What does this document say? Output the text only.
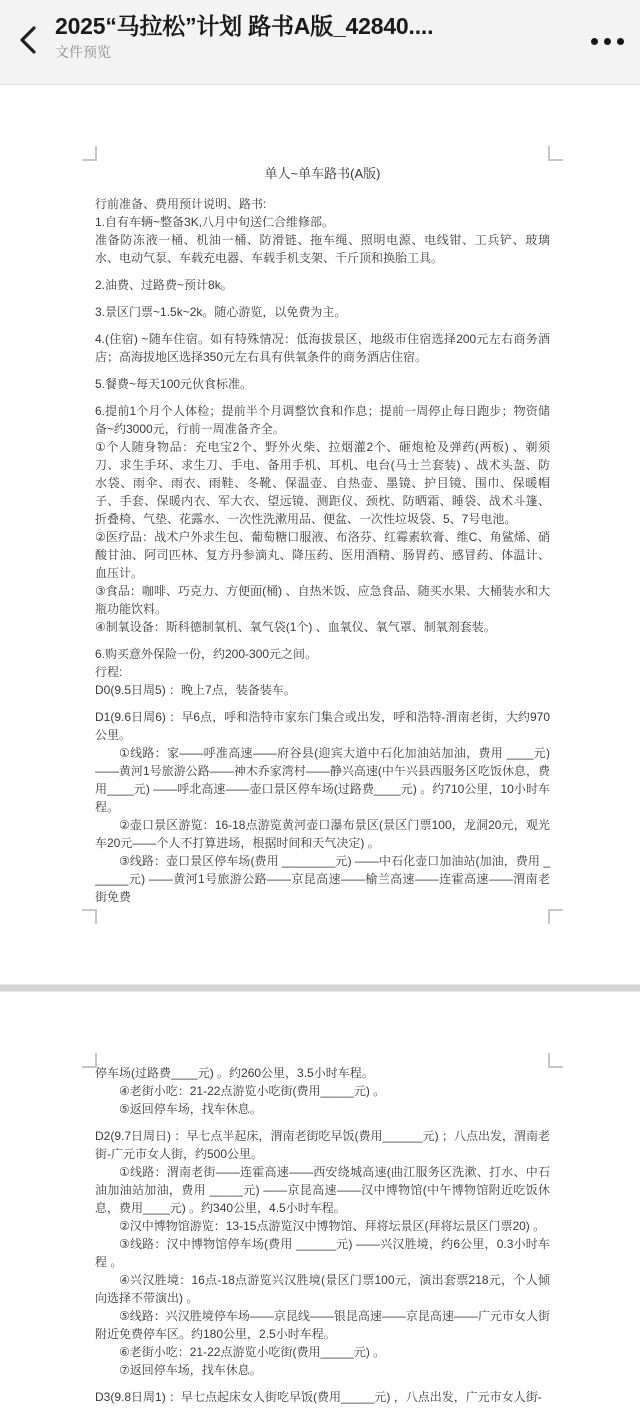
2025“马拉松”计划 路书A版_42840....
文件预览

单人~单车路书(A版)

行前准备、费用预计说明、路书:

1.自有车辆~整备3K,八月中旬送仁合维修部。

准备防冻液一桶、机油一桶、防滑链、拖车绳、照明电源、电线钳、工兵铲、玻璃水、电动气泵、车载充电器、车载手机支架、千斤顶和换胎工具。

2.油费、过路费~预计8k。

3.景区门票~1.5k~2k。随心游览，以免费为主。

4.(住宿) ~随车住宿。如有特殊情况：低海拔景区，地级市住宿选择200元左右商务酒店；高海拔地区选择350元左右具有供氧条件的商务酒店住宿。

5.餐费~每天100元伙食标准。

6.提前1个月个人体检；提前半个月调整饮食和作息；提前一周停止每日跑步；物资储备~约3000元，行前一周准备齐全。

①个人随身物品：充电宝2个、野外火柴、拉烟灌2个、砸炮枪及弹药(两板) 、剃须刀、求生手环、求生刀、手电、备用手机、耳机、电台(马士兰套装) 、战术头盔、防水袋、雨伞、雨衣、雨鞋、冬靴、保温壶、自热壶、墨镜、护目镜、围巾、保暖帽子、手套、保暖内衣、军大衣、望远镜、测距仪、颈枕、防晒霜、睡袋、战术斗篷、折叠椅、气垫、花露水、一次性洗漱用品、便盆、一次性垃圾袋、5、7号电池。

②医疗品：战术户外求生包、葡萄糖口服液、布洛芬、红霉素软膏、维C、角鲨烯、硝酸甘油、阿司匹林、复方丹参滴丸、降压药、医用酒精、肠胃药、感冒药、体温计、血压计。

③食品：咖啡、巧克力、方便面(桶) 、自热米饭、应急食品、随买水果、大桶装水和大瓶功能饮料。

④制氧设备：斯科德制氧机、氧气袋(1个) 、血氧仪、氧气罩、制氧剂套装。

6.购买意外保险一份，约200-300元之间。

行程:

D0(9.5日周5) ：晚上7点，装备装车。

D1(9.6日周6) ：早6点，呼和浩特市家东门集合或出发，呼和浩特-渭南老街，大约970公里。

①线路：家——呼准高速——府谷县(迎宾大道中石化加油站加油，费用 ____元) ——黄河1号旅游公路——神木乔家湾村——静兴高速(中午兴县西服务区吃饭休息，费用____元) ——呼北高速——壶口景区停车场(过路费____元) 。约710公里，10小时车程。

②壶口景区游览：16-18点游览黄河壶口瀑布景区(景区门票100，龙洞20元，观光车20元——个人不打算进场，根据时间和天气决定) 。

③线路：壶口景区停车场(费用 ________元) ——中石化壶口加油站(加油，费用 ______元) ——黄河1号旅游公路——京昆高速——榆兰高速——连霍高速——渭南老街免费

停车场(过路费____元) 。约260公里，3.5小时车程。

④老街小吃：21-22点游览小吃街(费用_____元) 。

⑤返回停车场，找车休息。

D2(9.7日周日) ：早七点半起床，渭南老街吃早饭(费用______元) ；八点出发，渭南老街-广元市女人街，约500公里。

①线路：渭南老街——连霍高速——西安绕城高速(曲江服务区洗漱、打水、中石油加油站加油，费用 _____元) ——京昆高速——汉中博物馆(中午博物馆附近吃饭休息，费用____元) 。约340公里，4.5小时车程。

②汉中博物馆游览：13-15点游览汉中博物馆、拜将坛景区(拜将坛景区门票20) 。

③线路：汉中博物馆停车场(费用 ______元) ——兴汉胜境，约6公里，0.3小时车程 。

④兴汉胜境：16点-18点游览兴汉胜境(景区门票100元，演出套票218元，个人倾向选择不带演出) 。

⑤线路：兴汉胜境停车场——京昆线——银昆高速——京昆高速——广元市女人街附近免费停车区。约180公里，2.5小时车程。

⑥老街小吃：21-22点游览小吃街(费用_____元) 。

⑦返回停车场，找车休息。

D3(9.8日周1) ：早七点起床女人街吃早饭(费用_____元) ，八点出发，广元市女人街-
